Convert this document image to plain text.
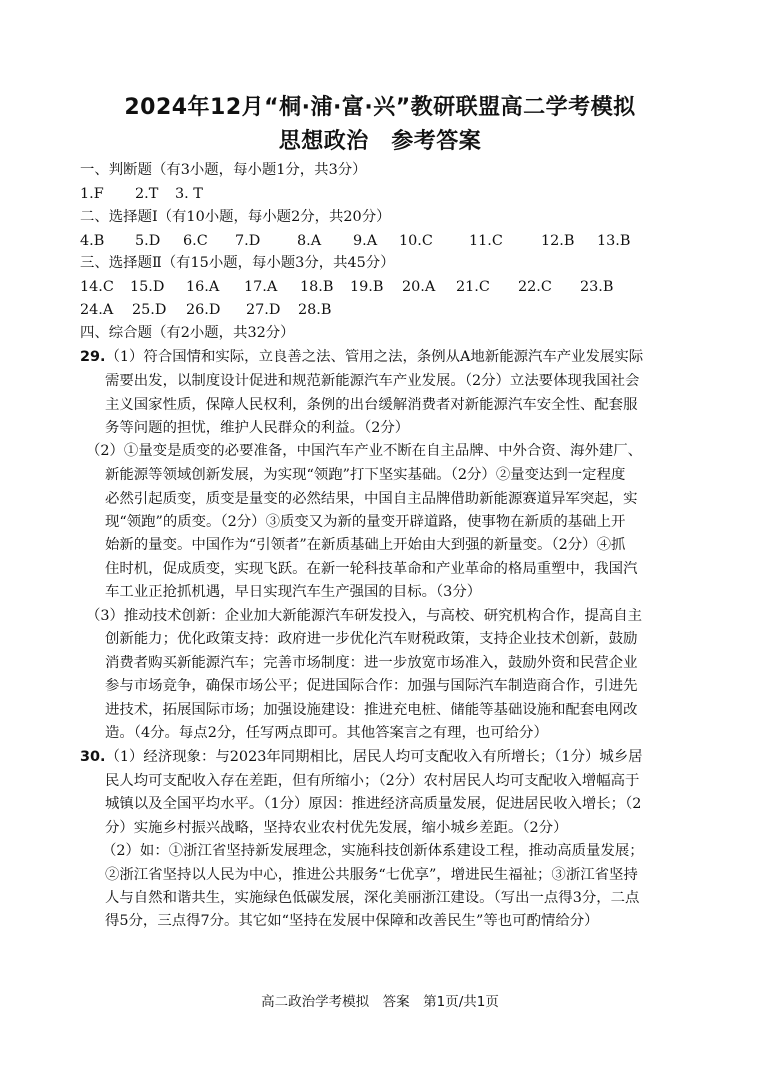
2024年12月“桐·浦·富·兴”教研联盟高二学考模拟
思想政治　参考答案
一、判断题（有3小题，每小题1分，共3分）
1.F 2.T 3. T
二、选择题Ⅰ（有10小题，每小题2分，共20分）
4.B 5.D 6.C 7.D	8.A 9.A 10.C	11.C	12.B 13.B
三、选择题Ⅱ（有15小题，每小题3分，共45分）
14.C 15.D 16.A 17.A 18.B 19.B 20.A 21.C 22.C 23.B
24.A 25.D 26.D 27.D 28.B
四、综合题（有2小题，共32分）
29.（1）符合国情和实际，立良善之法、管用之法，条例从A地新能源汽车产业发展实际
需要出发，以制度设计促进和规范新能源汽车产业发展。（2分）立法要体现我国社会
主义国家性质，保障人民权利，条例的出台缓解消费者对新能源汽车安全性、配套服
务等问题的担忧，维护人民群众的利益。（2分）
（2）①量变是质变的必要准备，中国汽车产业不断在自主品牌、中外合资、海外建厂、
新能源等领域创新发展，为实现“领跑”打下坚实基础。（2分）②量变达到一定程度
必然引起质变，质变是量变的必然结果，中国自主品牌借助新能源赛道异军突起，实
现“领跑”的质变。（2分）③质变又为新的量变开辟道路，使事物在新质的基础上开
始新的量变。中国作为“引领者”在新质基础上开始由大到强的新量变。（2分）④抓
住时机，促成质变，实现飞跃。在新一轮科技革命和产业革命的格局重塑中，我国汽
车工业正抢抓机遇，早日实现汽车生产强国的目标。（3分）
（3）推动技术创新：企业加大新能源汽车研发投入，与高校、研究机构合作，提高自主
创新能力；优化政策支持：政府进一步优化汽车财税政策，支持企业技术创新，鼓励
消费者购买新能源汽车；完善市场制度：进一步放宽市场准入，鼓励外资和民营企业
参与市场竞争，确保市场公平；促进国际合作：加强与国际汽车制造商合作，引进先
进技术，拓展国际市场；加强设施建设：推进充电桩、储能等基础设施和配套电网改
造。（4分。每点2分，任写两点即可。其他答案言之有理，也可给分）
30.（1）经济现象：与2023年同期相比，居民人均可支配收入有所增长；（1分）城乡居
民人均可支配收入存在差距，但有所缩小；（2分）农村居民人均可支配收入增幅高于
城镇以及全国平均水平。（1分）原因：推进经济高质量发展，促进居民收入增长；（2
分）实施乡村振兴战略，坚持农业农村优先发展，缩小城乡差距。（2分）
（2）如：①浙江省坚持新发展理念，实施科技创新体系建设工程，推动高质量发展；
②浙江省坚持以人民为中心，推进公共服务“七优享”，增进民生福祉；③浙江省坚持
人与自然和谐共生，实施绿色低碳发展，深化美丽浙江建设。（写出一点得3分，二点
得5分，三点得7分。其它如“坚持在发展中保障和改善民生”等也可酌情给分）
高二政治学考模拟　答案　第1页/共1页
